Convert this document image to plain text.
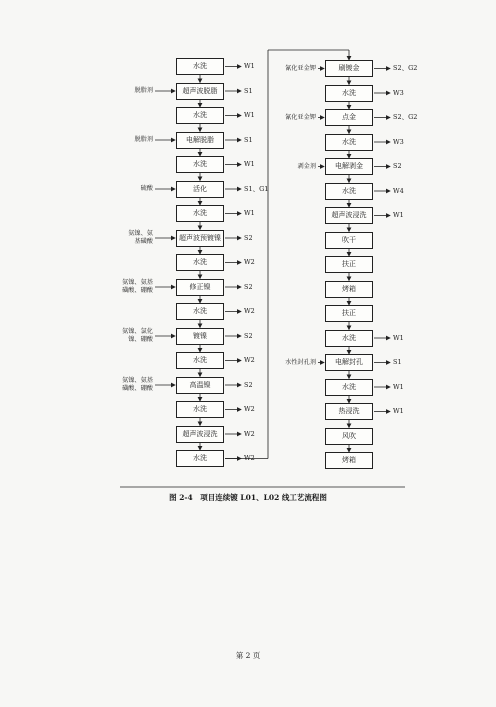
水洗	W1
超声波脱脂	S1
脱脂剂
水洗	W1
电解脱脂	S1
脱脂剂
水洗	W1
活化	S1、G1
硫酸
水洗	W1
超声波预镀镍	S2
氨镍、氨
基磺酸
水洗	W2
修正镍	S2
氨镍、氨基
磺酸、硼酸
水洗	W2
镀镍	S2
氨镍、氯化
镍、硼酸
水洗	W2
高温镍	S2
氨镍、氨基
磺酸、硼酸
水洗	W2
超声波浸洗	W2
水洗	W2
刷镀金	S2、G2
氰化亚金钾
水洗	W3
点金	S2、G2
氰化亚金钾
水洗	W3
电解剥金	S2
剥金剂
水洗	W4
超声波浸洗	W1
吹干
扶正
烤箱
扶正
水洗	W1
电解封孔	S1
水性封孔剂
水洗	W1
热浸洗	W1
风吹
烤箱
图 2-4　项目连续镀 L01、L02 线工艺流程图
第 2 页
